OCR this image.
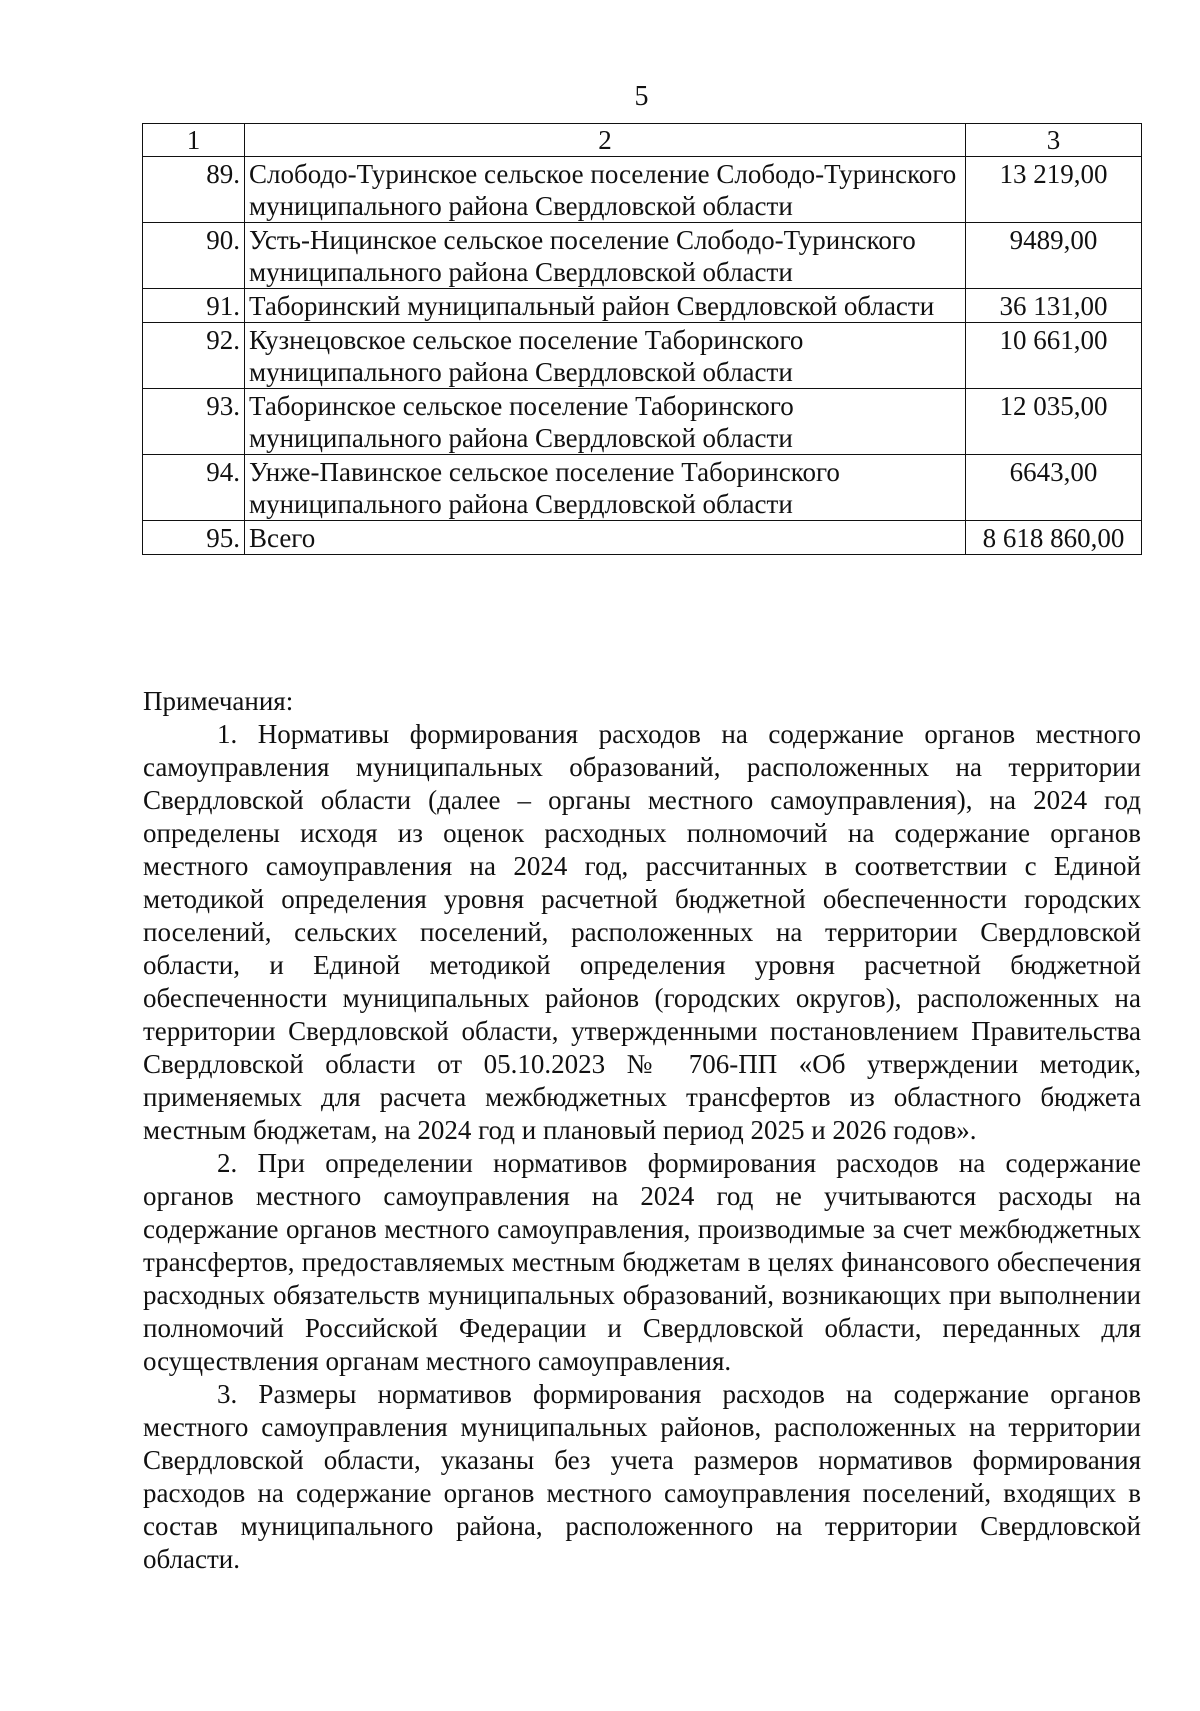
5
1	2	3
89.	Слободо-Туринское сельское поселение Слободо-Туринского муниципального района Свердловской области	13 219,00
90.	Усть-Ницинское сельское поселение Слободо-Туринского муниципального района Свердловской области	9489,00
91.	Таборинский муниципальный район Свердловской области	36 131,00
92.	Кузнецовское сельское поселение Таборинского муниципального района Свердловской области	10 661,00
93.	Таборинское сельское поселение Таборинского муниципального района Свердловской области	12 035,00
94.	Унже-Павинское сельское поселение Таборинского муниципального района Свердловской области	6643,00
95.	Всего	8 618 860,00

Примечания:

1. Нормативы формирования расходов на содержание органов местного самоуправления муниципальных образований, расположенных на территории Свердловской области (далее – органы местного самоуправления), на 2024 год определены исходя из оценок расходных полномочий на содержание органов местного самоуправления на 2024 год, рассчитанных в соответствии с Единой методикой определения уровня расчетной бюджетной обеспеченности городских поселений, сельских поселений, расположенных на территории Свердловской области, и Единой методикой определения уровня расчетной бюджетной обеспеченности муниципальных районов (городских округов), расположенных на территории Свердловской области, утвержденными постановлением Правительства Свердловской области от 05.10.2023 № 706-ПП «Об утверждении методик, применяемых для расчета межбюджетных трансфертов из областного бюджета местным бюджетам, на 2024 год и плановый период 2025 и 2026 годов».

2. При определении нормативов формирования расходов на содержание органов местного самоуправления на 2024 год не учитываются расходы на содержание органов местного самоуправления, производимые за счет межбюджетных трансфертов, предоставляемых местным бюджетам в целях финансового обеспечения расходных обязательств муниципальных образований, возникающих при выполнении полномочий Российской Федерации и Свердловской области, переданных для осуществления органам местного самоуправления.

3. Размеры нормативов формирования расходов на содержание органов местного самоуправления муниципальных районов, расположенных на территории Свердловской области, указаны без учета размеров нормативов формирования расходов на содержание органов местного самоуправления поселений, входящих в состав муниципального района, расположенного на территории Свердловской области.
